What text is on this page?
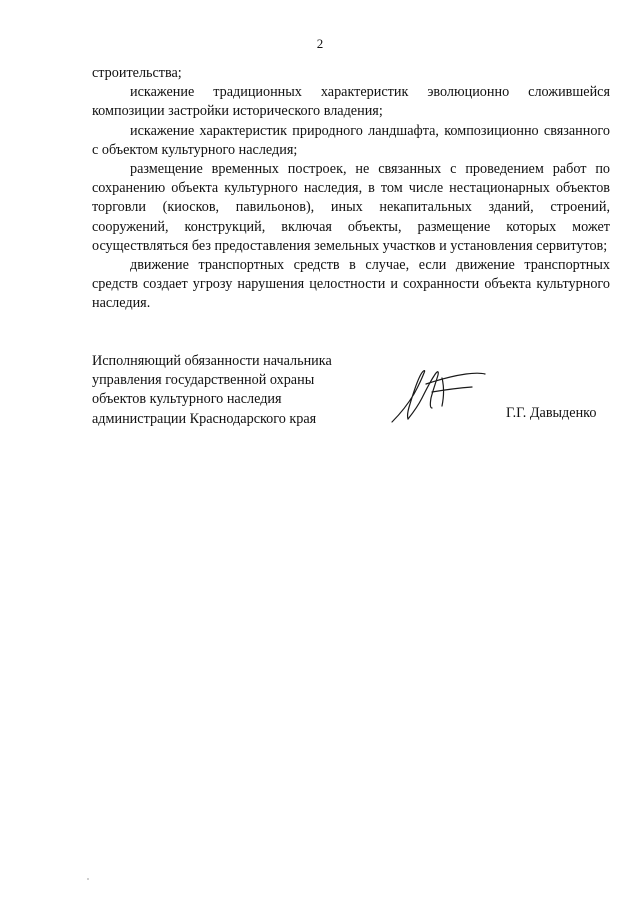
2

строительства;

искажение традиционных характеристик эволюционно сложившейся композиции застройки исторического владения;

искажение характеристик природного ландшафта, композиционно связанного с объектом культурного наследия;

размещение временных построек, не связанных с проведением работ по сохранению объекта культурного наследия, в том числе нестационарных объектов торговли (киосков, павильонов), иных некапитальных зданий, строений, сооружений, конструкций, включая объекты, размещение которых может осуществляться без предоставления земельных участков и установления сервитутов;

движение транспортных средств в случае, если движение транспортных средств создает угрозу нарушения целостности и сохранности объекта культурного наследия.

Исполняющий обязанности начальника
управления государственной охраны
объектов культурного наследия
администрации Краснодарского края	Г.Г. Давыденко
